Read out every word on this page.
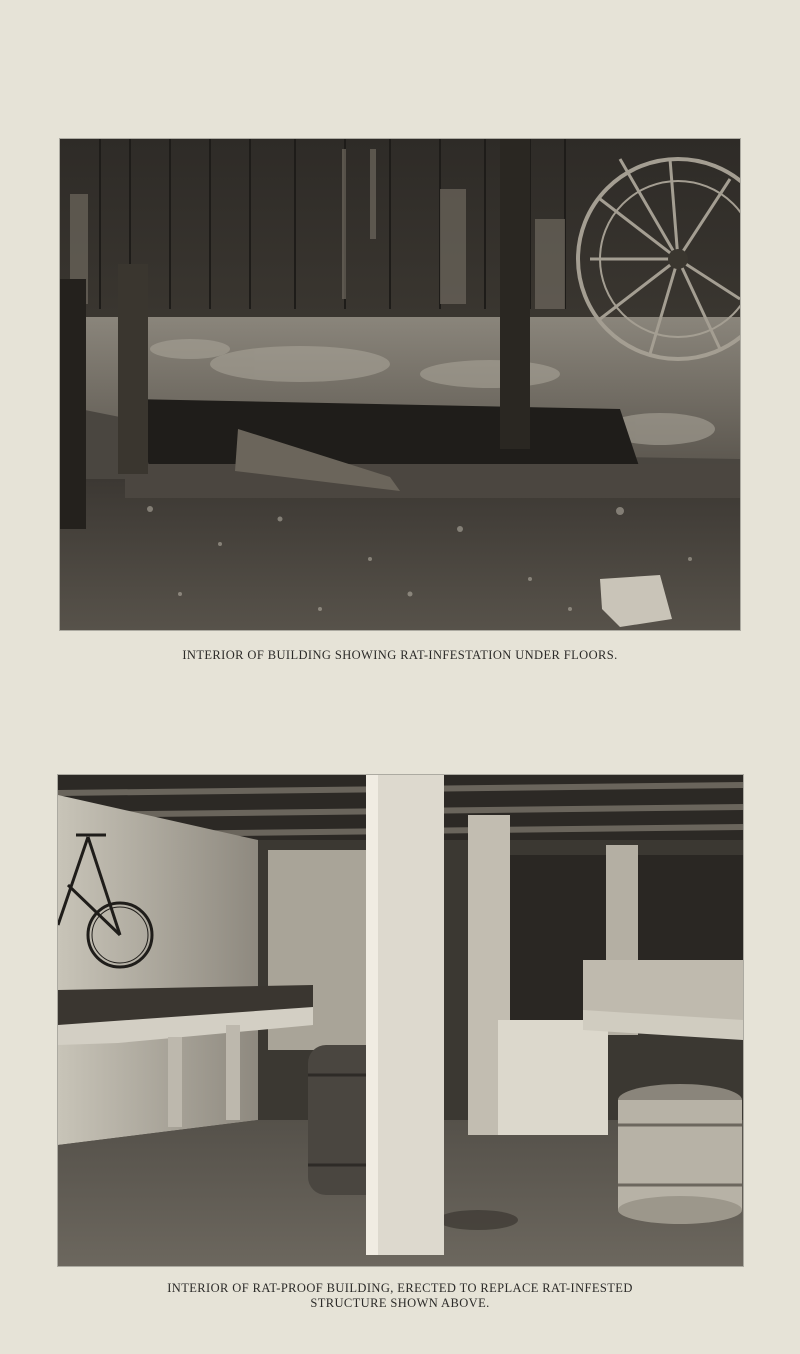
INTERIOR OF BUILDING SHOWING RAT-INFESTATION UNDER FLOORS.
INTERIOR OF RAT-PROOF BUILDING, ERECTED TO REPLACE RAT-INFESTED
STRUCTURE SHOWN ABOVE.
